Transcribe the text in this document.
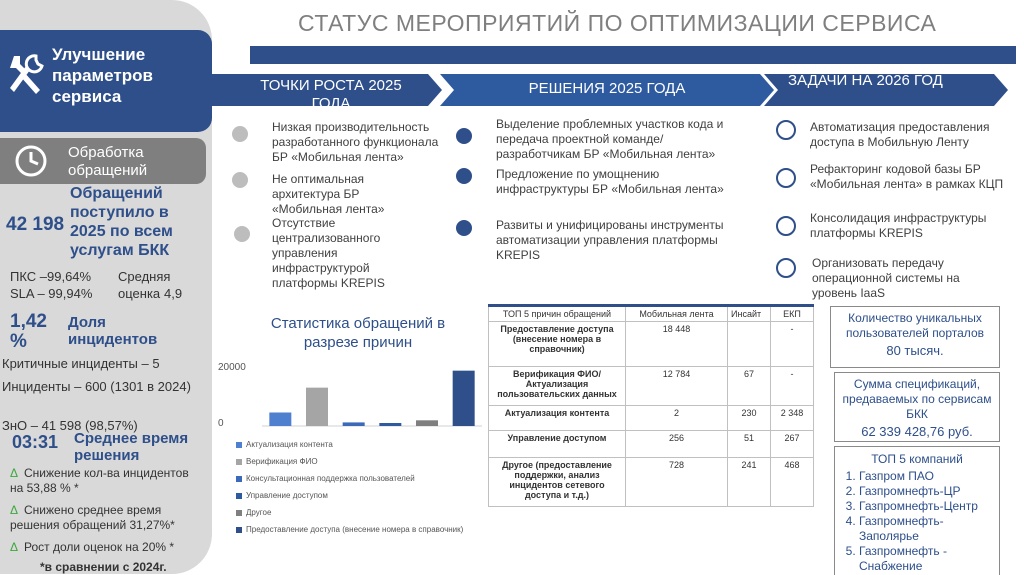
Улучшение параметров сервиса
Обработка обращений
42 198
Обращений поступило в 2025 по всем услугам БКК
ПКС –99,64%
SLA – 99,94%
Средняя
оценка 4,9
1,42 %
Доля инцидентов
Критичные инциденты – 5
Инциденты – 600 (1301 в 2024)
ЗнО – 41 598 (98,57%)
03:31 Среднее время решения
Δ Снижение кол-ва инцидентов на 53,88 % *
Δ Снижено среднее время решения обращений 31,27%*
Δ Рост доли оценок на 20% *
*в сравнении с 2024г.
СТАТУС МЕРОПРИЯТИЙ ПО ОПТИМИЗАЦИИ СЕРВИСА
ТОЧКИ РОСТА 2025 ГОДА
РЕШЕНИЯ 2025 ГОДА	ЗАДАЧИ НА 2026 ГОД
Низкая производительность разработанного функционала БР «Мобильная лента»
Не оптимальная архитектура БР «Мобильная лента»
Отсутствие централизованного управления инфраструктурой платформы KREPIS
Выделение проблемных участков кода и передача проектной команде/разработчикам БР «Мобильная лента»
Предложение по умощнению инфраструктуры БР «Мобильная лента»
Развиты и унифицированы инструменты автоматизации управления платформы KREPIS
Автоматизация предоставления доступа в Мобильную Ленту
Рефакторинг кодовой базы БР «Мобильная лента» в рамках КЦП
Консолидация инфраструктуры платформы KREPIS
Организовать передачу операционной системы на уровень IaaS
Статистика обращений в разрезе причин
20000
0
Актуализация контента
Верификация ФИО
Консультационная поддержка пользователей
Управление доступом
Другое
Предоставление доступа (внесение номера в справочник)
ТОП 5 причин обращений	Мобильная лента	Инсайт	ЕКП
Предоставление доступа (внесение номера в справочник)	18 448		-
Верификация ФИО/Актуализация пользовательских данных	12 784	67	-
Актуализация контента	2	230	2 348
Управление доступом	256	51	267
Другое (предоставление поддержки, анализ инцидентов сетевого доступа и т.д.)	728	241	468
Количество уникальных пользователей порталов
80 тысяч.
Сумма спецификаций, предаваемых по сервисам БКК
62 339 428,76 руб.
ТОП 5 компаний
1. Газпром ПАО
2. Газпромнефть-ЦР
3. Газпромнефть-Центр
4. Газпромнефть-Заполярье
5. Газпромнефть - Снабжение
